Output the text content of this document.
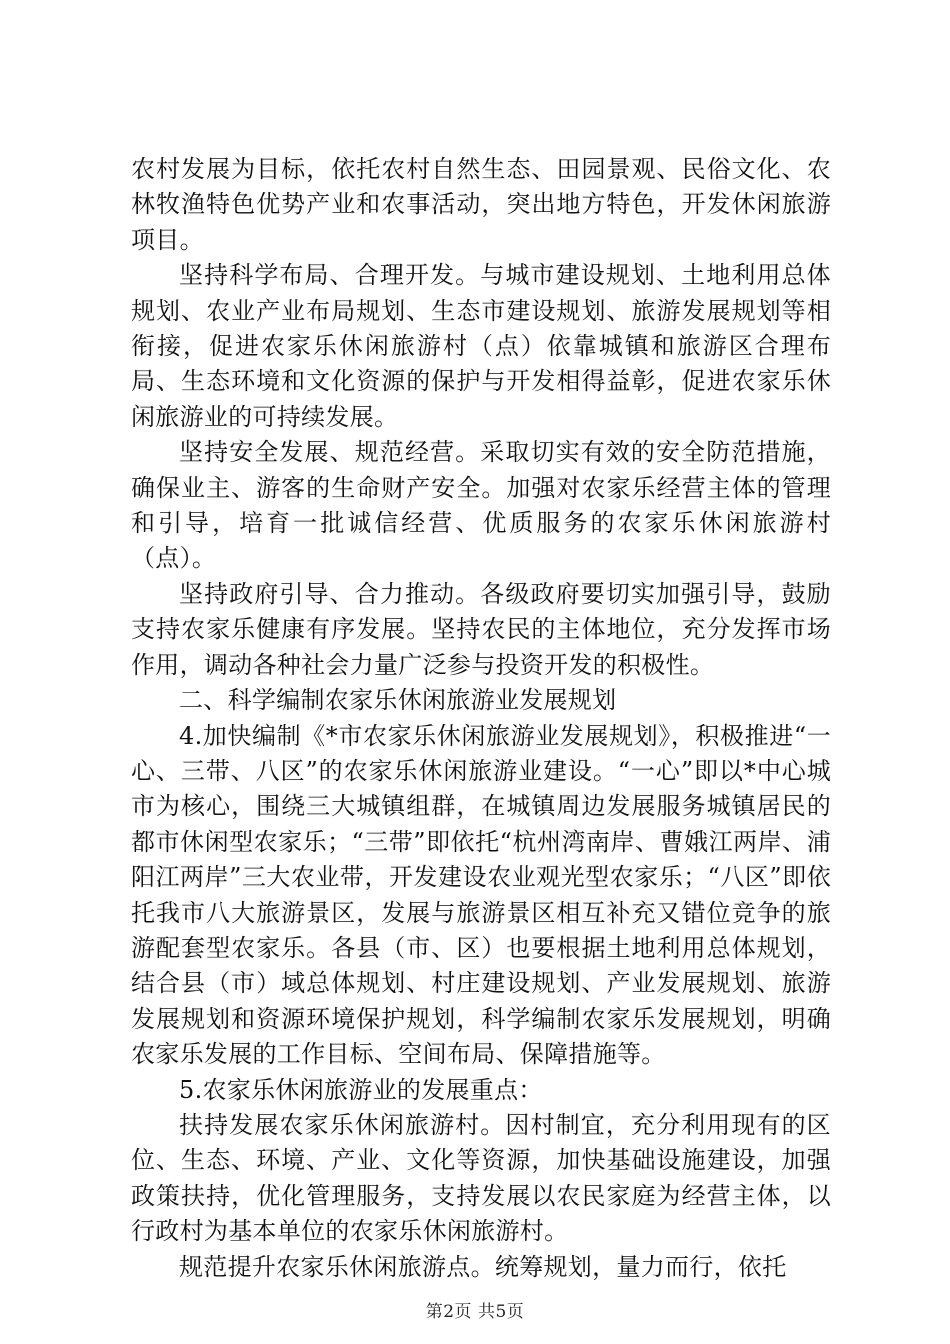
农村发展为目标，依托农村自然生态、田园景观、民俗文化、农林牧渔特色优势产业和农事活动，突出地方特色，开发休闲旅游项目。

坚持科学布局、合理开发。与城市建设规划、土地利用总体规划、农业产业布局规划、生态市建设规划、旅游发展规划等相衔接，促进农家乐休闲旅游村（点）依靠城镇和旅游区合理布局、生态环境和文化资源的保护与开发相得益彰，促进农家乐休闲旅游业的可持续发展。

坚持安全发展、规范经营。采取切实有效的安全防范措施，确保业主、游客的生命财产安全。加强对农家乐经营主体的管理和引导，培育一批诚信经营、优质服务的农家乐休闲旅游村（点）。

坚持政府引导、合力推动。各级政府要切实加强引导，鼓励支持农家乐健康有序发展。坚持农民的主体地位，充分发挥市场作用，调动各种社会力量广泛参与投资开发的积极性。

二、科学编制农家乐休闲旅游业发展规划

4.加快编制《*市农家乐休闲旅游业发展规划》，积极推进“一心、三带、八区”的农家乐休闲旅游业建设。“一心”即以*中心城市为核心，围绕三大城镇组群，在城镇周边发展服务城镇居民的都市休闲型农家乐；“三带”即依托“杭州湾南岸、曹娥江两岸、浦阳江两岸”三大农业带，开发建设农业观光型农家乐；“八区”即依托我市八大旅游景区，发展与旅游景区相互补充又错位竞争的旅游配套型农家乐。各县（市、区）也要根据土地利用总体规划，结合县（市）域总体规划、村庄建设规划、产业发展规划、旅游发展规划和资源环境保护规划，科学编制农家乐发展规划，明确农家乐发展的工作目标、空间布局、保障措施等。

5.农家乐休闲旅游业的发展重点：

扶持发展农家乐休闲旅游村。因村制宜，充分利用现有的区位、生态、环境、产业、文化等资源，加快基础设施建设，加强政策扶持，优化管理服务，支持发展以农民家庭为经营主体，以行政村为基本单位的农家乐休闲旅游村。

规范提升农家乐休闲旅游点。统筹规划，量力而行，依托

第2页 共5页
